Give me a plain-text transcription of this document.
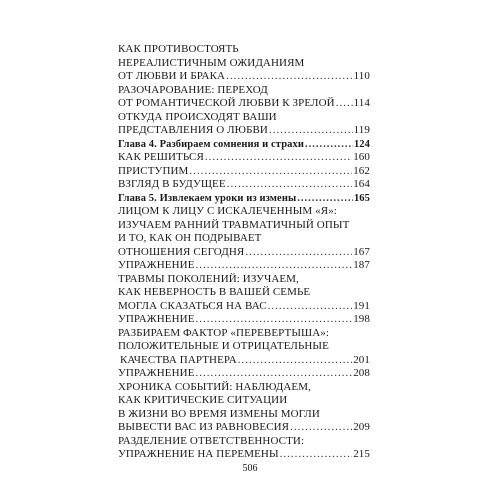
КАК ПРОТИВОСТОЯТЬ
НЕРЕАЛИСТИЧНЫМ ОЖИДАНИЯМ
ОТ ЛЮБВИ И БРАКА .....	110
РАЗОЧАРОВАНИЕ: ПЕРЕХОД
ОТ РОМАНТИЧЕСКОЙ ЛЮБВИ К ЗРЕЛОЙ ..... 114
ОТКУДА ПРОИСХОДЯТ ВАШИ
ПРЕДСТАВЛЕНИЯ О ЛЮБВИ .....	119
Глава 4. Разбираем сомнения и страхи .....	124
КАК РЕШИТЬСЯ .....	160
ПРИСТУПИМ .....	162
ВЗГЛЯД В БУДУЩЕЕ .....	164
Глава 5. Извлекаем уроки из измены .....	165
ЛИЦОМ К ЛИЦУ С ИСКАЛЕЧЕННЫМ «Я»:
ИЗУЧАЕМ РАННИЙ ТРАВМАТИЧНЫЙ ОПЫТ
И ТО, КАК ОН ПОДРЫВАЕТ
ОТНОШЕНИЯ СЕГОДНЯ .....	167
УПРАЖНЕНИЕ .....	187
ТРАВМЫ ПОКОЛЕНИЙ: ИЗУЧАЕМ,
КАК НЕВЕРНОСТЬ В ВАШЕЙ СЕМЬЕ
МОГЛА СКАЗАТЬСЯ НА ВАС .....	191
УПРАЖНЕНИЕ .....	198
РАЗБИРАЕМ ФАКТОР «ПЕРЕВЕРТЫША»:
ПОЛОЖИТЕЛЬНЫЕ И ОТРИЦАТЕЛЬНЫЕ
КАЧЕСТВА ПАРТНЕРА .....	201
УПРАЖНЕНИЕ .....	208
ХРОНИКА СОБЫТИЙ: НАБЛЮДАЕМ,
КАК КРИТИЧЕСКИЕ СИТУАЦИИ
В ЖИЗНИ ВО ВРЕМЯ ИЗМЕНЫ МОГЛИ
ВЫВЕСТИ ВАС ИЗ РАВНОВЕСИЯ .....	209
РАЗДЕЛЕНИЕ ОТВЕТСТВЕННОСТИ:
УПРАЖНЕНИЕ НА ПЕРЕМЕНЫ .....	215
506
